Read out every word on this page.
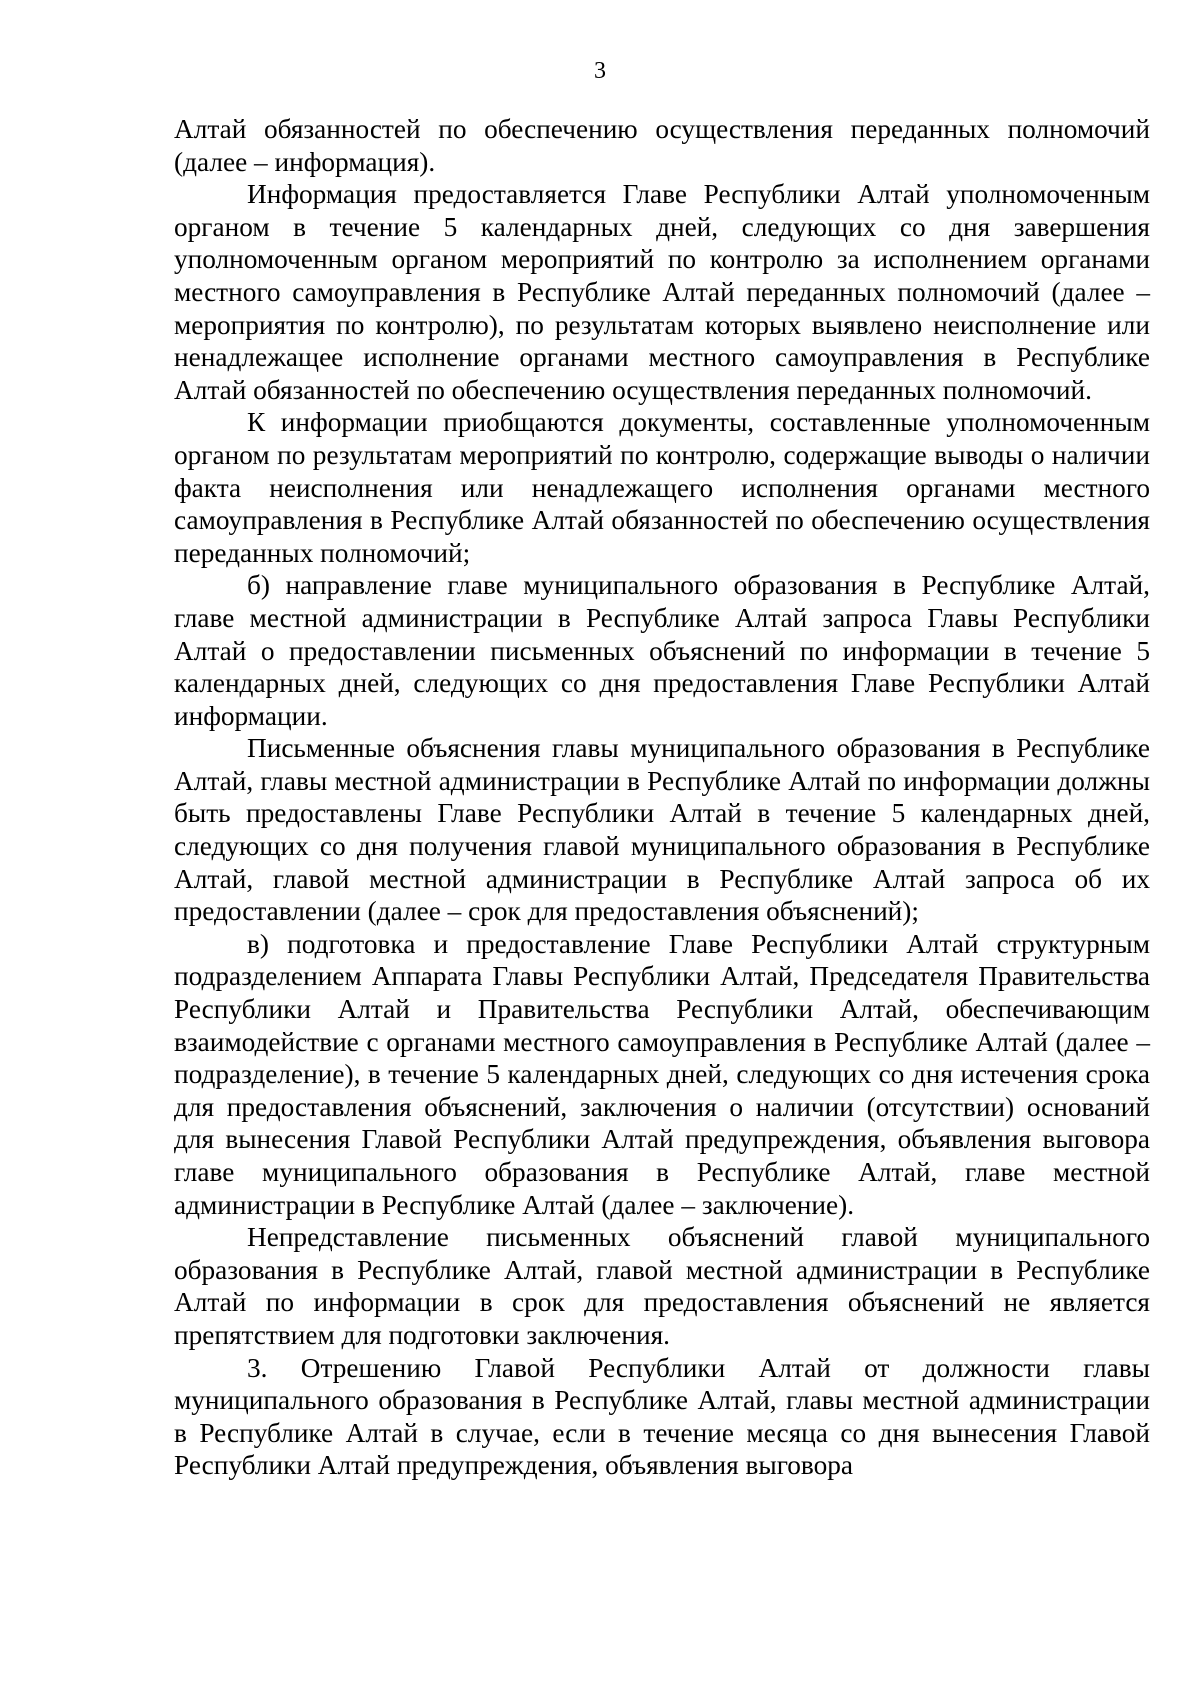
3

Алтай обязанностей по обеспечению осуществления переданных полномочий (далее – информация).

Информация предоставляется Главе Республики Алтай уполномоченным органом в течение 5 календарных дней, следующих со дня завершения уполномоченным органом мероприятий по контролю за исполнением органами местного самоуправления в Республике Алтай переданных полномочий (далее – мероприятия по контролю), по результатам которых выявлено неисполнение или ненадлежащее исполнение органами местного самоуправления в Республике Алтай обязанностей по обеспечению осуществления переданных полномочий.

К информации приобщаются документы, составленные уполномоченным органом по результатам мероприятий по контролю, содержащие выводы о наличии факта неисполнения или ненадлежащего исполнения органами местного самоуправления в Республике Алтай обязанностей по обеспечению осуществления переданных полномочий;

б) направление главе муниципального образования в Республике Алтай, главе местной администрации в Республике Алтай запроса Главы Республики Алтай о предоставлении письменных объяснений по информации в течение 5 календарных дней, следующих со дня предоставления Главе Республики Алтай информации.

Письменные объяснения главы муниципального образования в Республике Алтай, главы местной администрации в Республике Алтай по информации должны быть предоставлены Главе Республики Алтай в течение 5 календарных дней, следующих со дня получения главой муниципального образования в Республике Алтай, главой местной администрации в Республике Алтай запроса об их предоставлении (далее – срок для предоставления объяснений);

в) подготовка и предоставление Главе Республики Алтай структурным подразделением Аппарата Главы Республики Алтай, Председателя Правительства Республики Алтай и Правительства Республики Алтай, обеспечивающим взаимодействие с органами местного самоуправления в Республике Алтай (далее – подразделение), в течение 5 календарных дней, следующих со дня истечения срока для предоставления объяснений, заключения о наличии (отсутствии) оснований для вынесения Главой Республики Алтай предупреждения, объявления выговора главе муниципального образования в Республике Алтай, главе местной администрации в Республике Алтай (далее – заключение).

Непредставление письменных объяснений главой муниципального образования в Республике Алтай, главой местной администрации в Республике Алтай по информации в срок для предоставления объяснений не является препятствием для подготовки заключения.

3. Отрешению Главой Республики Алтай от должности главы муниципального образования в Республике Алтай, главы местной администрации в Республике Алтай в случае, если в течение месяца со дня вынесения Главой Республики Алтай предупреждения, объявления выговора
